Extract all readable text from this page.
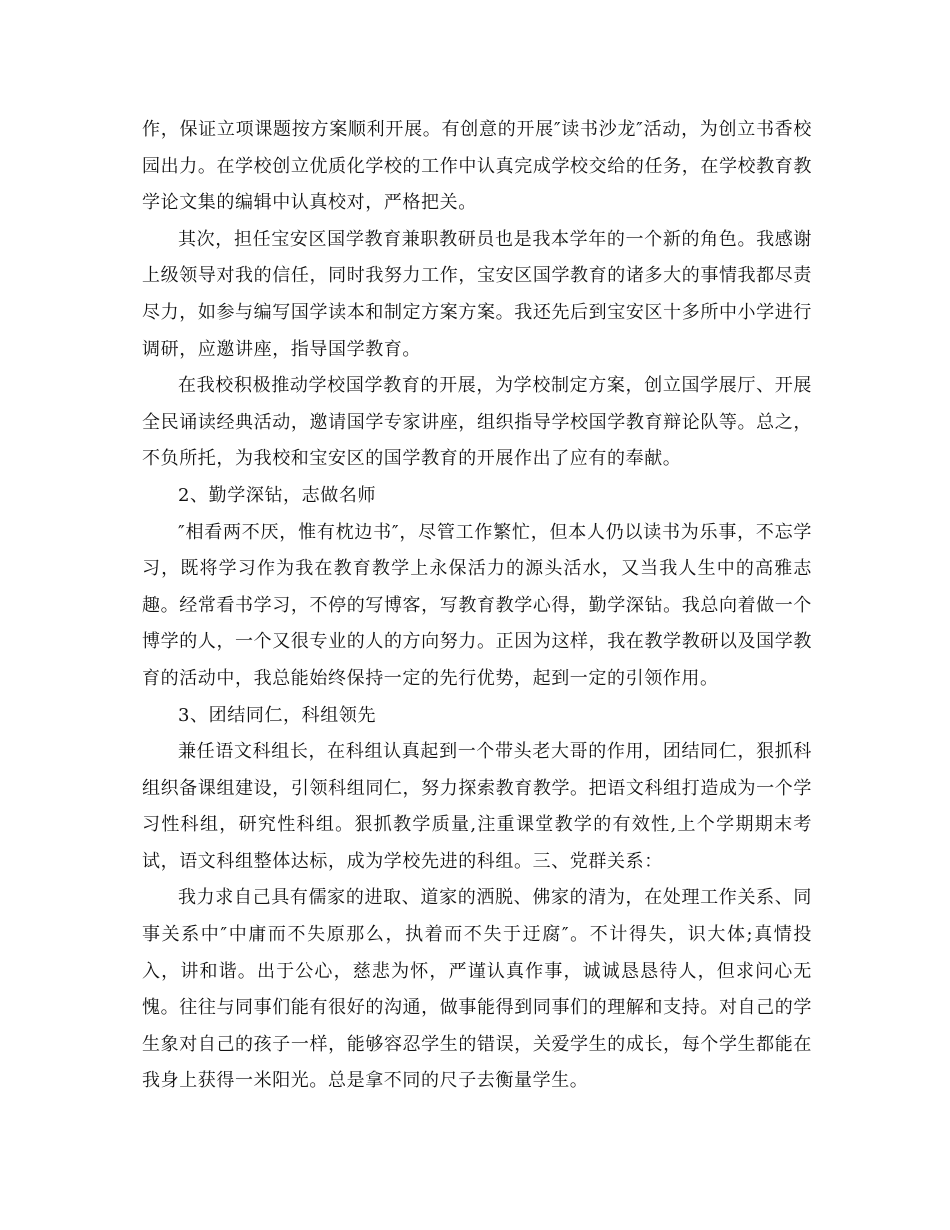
作，保证立项课题按方案顺利开展。有创意的开展″读书沙龙″活动，为创立书香校园出力。在学校创立优质化学校的工作中认真完成学校交给的任务，在学校教育教学论文集的编辑中认真校对，严格把关。

其次，担任宝安区国学教育兼职教研员也是我本学年的一个新的角色。我感谢上级领导对我的信任，同时我努力工作，宝安区国学教育的诸多大的事情我都尽责尽力，如参与编写国学读本和制定方案方案。我还先后到宝安区十多所中小学进行调研，应邀讲座，指导国学教育。

在我校积极推动学校国学教育的开展，为学校制定方案，创立国学展厅、开展全民诵读经典活动，邀请国学专家讲座，组织指导学校国学教育辩论队等。总之，不负所托，为我校和宝安区的国学教育的开展作出了应有的奉献。

2、勤学深钻，志做名师

″相看两不厌，惟有枕边书″，尽管工作繁忙，但本人仍以读书为乐事，不忘学习，既将学习作为我在教育教学上永保活力的源头活水，又当我人生中的高雅志趣。经常看书学习，不停的写博客，写教育教学心得，勤学深钻。我总向着做一个博学的人，一个又很专业的人的方向努力。正因为这样，我在教学教研以及国学教育的活动中，我总能始终保持一定的先行优势，起到一定的引领作用。

3、团结同仁，科组领先

兼任语文科组长，在科组认真起到一个带头老大哥的作用，团结同仁，狠抓科组织备课组建设，引领科组同仁，努力探索教育教学。把语文科组打造成为一个学习性科组，研究性科组。狠抓教学质量,注重课堂教学的有效性,上个学期期末考试，语文科组整体达标，成为学校先进的科组。三、党群关系：

我力求自己具有儒家的进取、道家的洒脱、佛家的清为，在处理工作关系、同事关系中″中庸而不失原那么，执着而不失于迂腐″。不计得失，识大体;真情投入，讲和谐。出于公心，慈悲为怀，严谨认真作事，诚诚恳恳待人，但求问心无愧。往往与同事们能有很好的沟通，做事能得到同事们的理解和支持。对自己的学生象对自己的孩子一样，能够容忍学生的错误，关爱学生的成长，每个学生都能在我身上获得一米阳光。总是拿不同的尺子去衡量学生。
